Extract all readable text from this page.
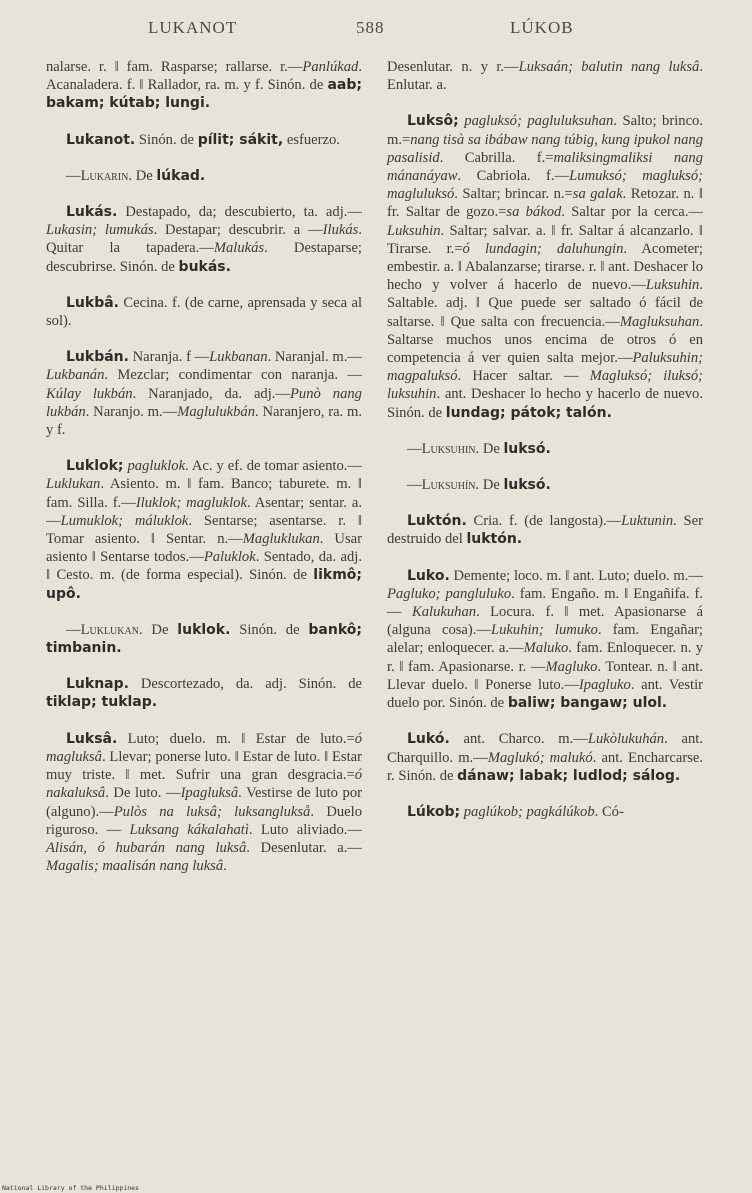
LUKANOT	588	LÚKOB

nalarse. r. ‖ fam. Rasparse; rallarse. r.—Panlúkad. Acanaladera. f. ‖ Rallador, ra. m. y f. Sinón. de aab; bakam; kútab; lungi.

Lukanot. Sinón. de pílit; sákit, esfuerzo.

—Lukarin. De lúkad.

Lukás. Destapado, da; descubierto, ta. adj.—Lukasin; lumukás. Destapar; descubrir. a —Ilukás. Quitar la tapadera.—Malukás. Destaparse; descubrirse. Sinón. de bukás.

Lukbâ. Cecina. f. (de carne, aprensada y seca al sol).

Lukbán. Naranja. f —Lukbanan. Naranjal. m.—Lukbanán. Mezclar; condimentar con naranja. — Kúlay lukbán. Naranjado, da. adj.—Punò nang lukbán. Naranjo. m.—Maglulukbán. Naranjero, ra. m. y f.

Luklok; pagluklok. Ac. y ef. de tomar asiento.—Luklukan. Asiento. m. ‖ fam. Banco; taburete. m. ‖ fam. Silla. f.—Iluklok; magluklok. Asentar; sentar. a.—Lumuklok; máluklok. Sentarse; asentarse. r. ‖ Tomar asiento. ‖ Sentar. n.—Magluklukan. Usar asiento ‖ Sentarse todos.—Paluklok. Sentado, da. adj. ‖ Cesto. m. (de forma especial). Sinón. de likmô; upô.

—Luklukan. De luklok. Sinón. de bankô; timbanin.

Luknap. Descortezado, da. adj. Sinón. de tiklap; tuklap.

Luksâ. Luto; duelo. m. ‖ Estar de luto.=ó magluksâ. Llevar; ponerse luto. ‖ Estar de luto. ‖ Estar muy triste. ‖ met. Sufrir una gran desgracia.=ó nakaluksâ. De luto. —Ipagluksâ. Vestirse de luto por (alguno).—Pulòs na luksâ; luksanglukså. Duelo riguroso. — Luksang kákalahatì. Luto aliviado.—Alisán, ó hubarán nang luksâ. Desenlutar. a.—Magalis; maalisán nang luksâ.

Desenlutar. n. y r.—Luksaán; balutin nang luksâ. Enlutar. a.

Luksô; pagluksó; pagluluksuhan. Salto; brinco. m.=nang tisà sa ibábaw nang túbig, kung ipukol nang pasalisid. Cabrilla. f.=maliksingmaliksi nang mánanáyaw. Cabriola. f.—Lumuksó; magluksó; magluluksó. Saltar; brincar. n.=sa galak. Retozar. n. ‖ fr. Saltar de gozo.=sa bákod. Saltar por la cerca.—Luksuhin. Saltar; salvar. a. ‖ fr. Saltar á alcanzarlo. ‖ Tirarse. r.=ó lundagin; daluhungin. Acometer; embestir. a. ‖ Abalanzarse; tirarse. r. ‖ ant. Deshacer lo hecho y volver á hacerlo de nuevo.—Luksuhin. Saltable. adj. ‖ Que puede ser saltado ó fácil de saltarse. ‖ Que salta con frecuencia.—Magluksuhan. Saltarse muchos unos encima de otros ó en competencia á ver quien salta mejor.—Paluksuhin; magpaluksó. Hacer saltar. — Magluksó; iluksó; luksuhin. ant. Deshacer lo hecho y hacerlo de nuevo. Sinón. de lundag; pátok; talón.

—Luksuhin. De luksó.

—Luksuhín. De luksó.

Luktón. Cria. f. (de langosta).—Luktunin. Ser destruido del luktón.

Luko. Demente; loco. m. ‖ ant. Luto; duelo. m.—Pagluko; pangluluko. fam. Engaño. m. ‖ Engañifa. f. — Kalukuhan. Locura. f. ‖ met. Apasionarse á (alguna cosa).—Lukuhin; lumuko. fam. Engañar; alelar; enloquecer. a.—Maluko. fam. Enloquecer. n. y r. ‖ fam. Apasionarse. r. —Magluko. Tontear. n. ‖ ant. Llevar duelo. ‖ Ponerse luto.—Ipagluko. ant. Vestir duelo por. Sinón. de baliw; bangaw; ulol.

Lukó. ant. Charco. m.—Lukòlukuhán. ant. Charquillo. m.—Maglukó; malukó. ant. Encharcarse. r. Sinón. de dánaw; labak; ludlod; sálog.

Lúkob; paglúkob; pagkálúkob. Có-

National Library of the Philippines
